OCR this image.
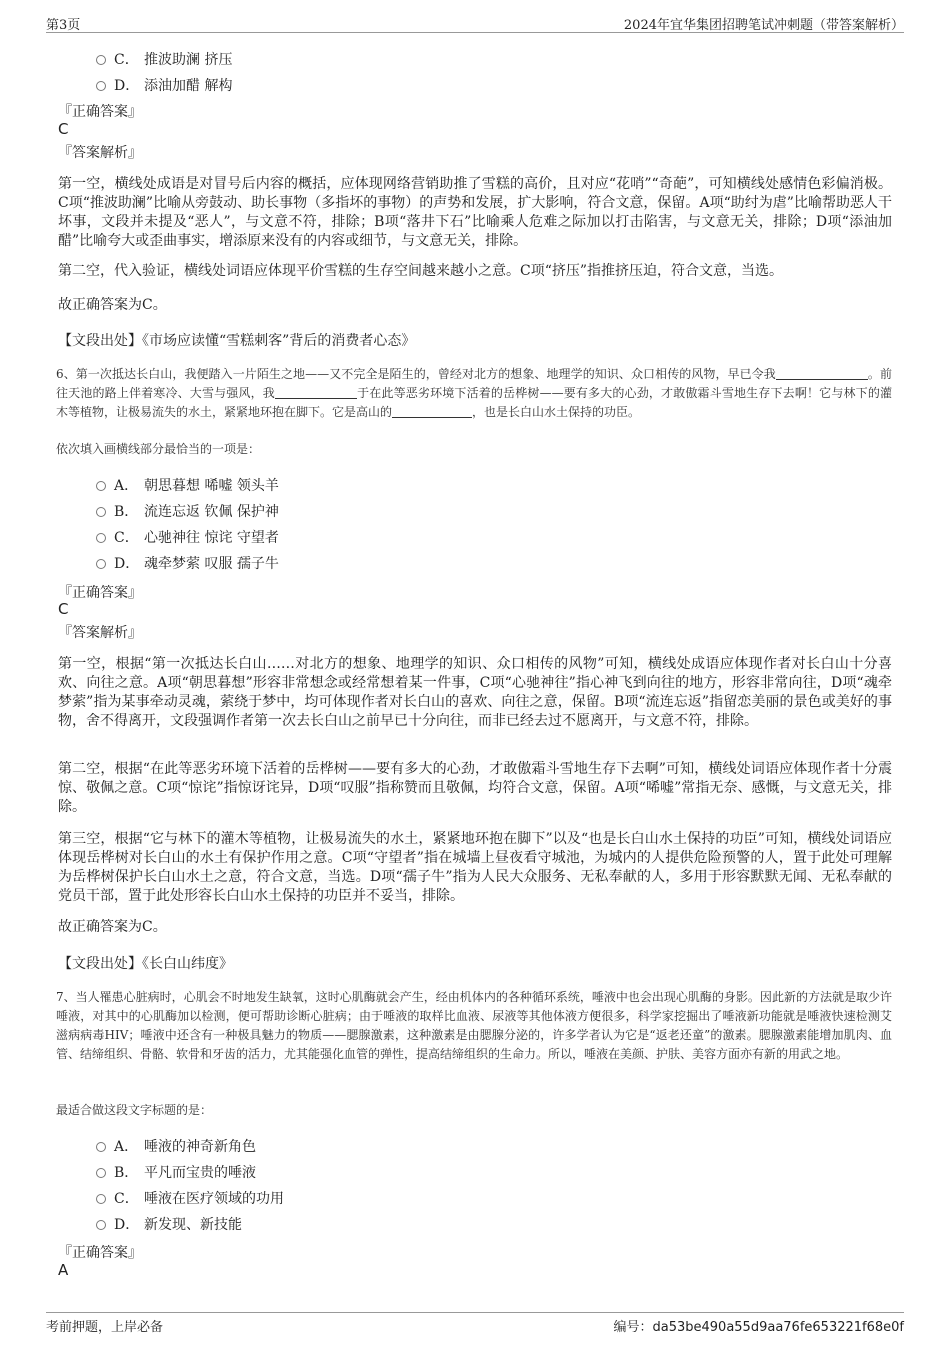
第3页	2024年宜华集团招聘笔试冲刺题（带答案解析）
C． 推波助澜 挤压
D． 添油加醋 解构
『正确答案』
C
『答案解析』
第一空，横线处成语是对冒号后内容的概括，应体现网络营销助推了雪糕的高价，且对应“花哨”“奇葩”，可知横线处感情色彩偏消极。C项“推波助澜”比喻从旁鼓动、助长事物（多指坏的事物）的声势和发展，扩大影响，符合文意，保留。A项“助纣为虐”比喻帮助恶人干坏事，文段并未提及“恶人”，与文意不符，排除；B项“落井下石”比喻乘人危难之际加以打击陷害，与文意无关，排除；D项“添油加醋”比喻夸大或歪曲事实，增添原来没有的内容或细节，与文意无关，排除。
第二空，代入验证，横线处词语应体现平价雪糕的生存空间越来越小之意。C项“挤压”指推挤压迫，符合文意，当选。
故正确答案为C。
【文段出处】《市场应读懂“雪糕刺客”背后的消费者心态》
6、第一次抵达长白山，我便踏入一片陌生之地——又不完全是陌生的，曾经对北方的想象、地理学的知识、众口相传的风物，早已令我	。前往天池的路上伴着寒冷、大雪与强风，我	于在此等恶劣环境下活着的岳桦树——要有多大的心劲，才敢傲霜斗雪地生存下去啊！它与林下的灌木等植物，让极易流失的水土，紧紧地环抱在脚下。它是高山的	，也是长白山水土保持的功臣。
依次填入画横线部分最恰当的一项是：
A． 朝思暮想 唏嘘 领头羊
B． 流连忘返 钦佩 保护神
C． 心驰神往 惊诧 守望者
D． 魂牵梦萦 叹服 孺子牛
『正确答案』
C
『答案解析』
第一空，根据“第一次抵达长白山……对北方的想象、地理学的知识、众口相传的风物”可知，横线处成语应体现作者对长白山十分喜欢、向往之意。A项“朝思暮想”形容非常想念或经常想着某一件事，C项“心驰神往”指心神飞到向往的地方，形容非常向往，D项“魂牵梦萦”指为某事牵动灵魂，萦绕于梦中，均可体现作者对长白山的喜欢、向往之意，保留。B项“流连忘返”指留恋美丽的景色或美好的事物，舍不得离开，文段强调作者第一次去长白山之前早已十分向往，而非已经去过不愿离开，与文意不符，排除。
第二空，根据“在此等恶劣环境下活着的岳桦树——要有多大的心劲，才敢傲霜斗雪地生存下去啊”可知，横线处词语应体现作者十分震惊、敬佩之意。C项“惊诧”指惊讶诧异，D项“叹服”指称赞而且敬佩，均符合文意，保留。A项“唏嘘”常指无奈、感慨，与文意无关，排除。
第三空，根据“它与林下的灌木等植物，让极易流失的水土，紧紧地环抱在脚下”以及“也是长白山水土保持的功臣”可知，横线处词语应体现岳桦树对长白山的水土有保护作用之意。C项“守望者”指在城墙上昼夜看守城池，为城内的人提供危险预警的人，置于此处可理解为岳桦树保护长白山水土之意，符合文意，当选。D项“孺子牛”指为人民大众服务、无私奉献的人，多用于形容默默无闻、无私奉献的党员干部，置于此处形容长白山水土保持的功臣并不妥当，排除。
故正确答案为C。
【文段出处】《长白山纬度》
7、当人罹患心脏病时，心肌会不时地发生缺氧，这时心肌酶就会产生，经由机体内的各种循环系统，唾液中也会出现心肌酶的身影。因此新的方法就是取少许唾液，对其中的心肌酶加以检测，便可帮助诊断心脏病；由于唾液的取样比血液、尿液等其他体液方便很多，科学家挖掘出了唾液新功能就是唾液快速检测艾滋病病毒HIV；唾液中还含有一种极具魅力的物质——腮腺激素，这种激素是由腮腺分泌的，许多学者认为它是“返老还童”的激素。腮腺激素能增加肌肉、血管、结缔组织、骨骼、软骨和牙齿的活力，尤其能强化血管的弹性，提高结缔组织的生命力。所以，唾液在美颜、护肤、美容方面亦有新的用武之地。
最适合做这段文字标题的是：
A． 唾液的神奇新角色
B． 平凡而宝贵的唾液
C． 唾液在医疗领域的功用
D． 新发现、新技能
『正确答案』
A
考前押题，上岸必备	编号：da53be490a55d9aa76fe653221f68e0f
